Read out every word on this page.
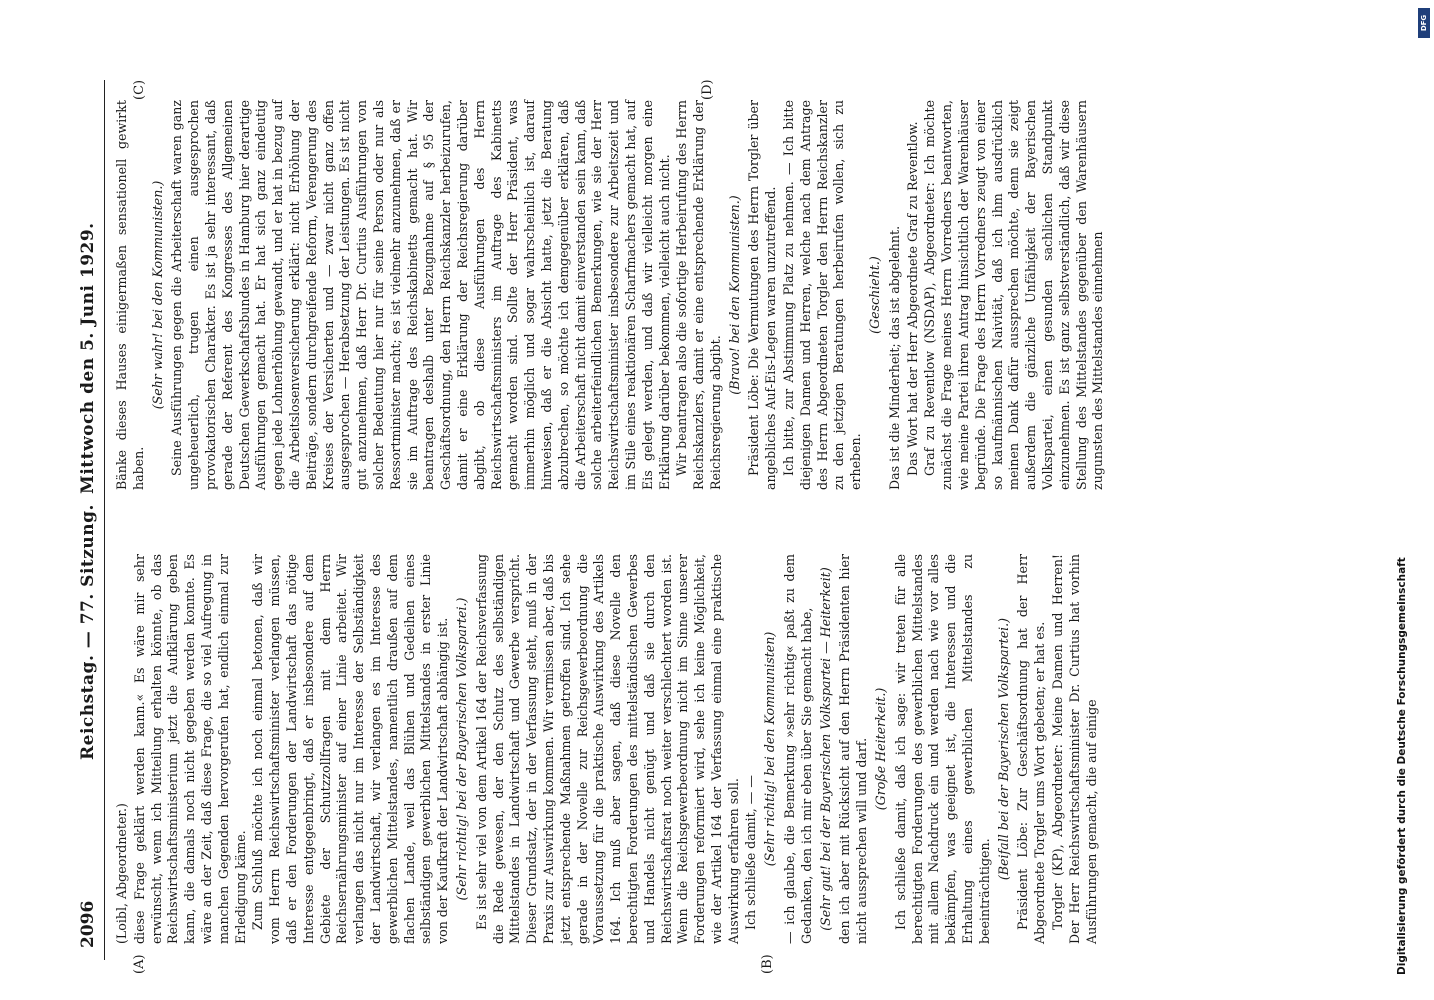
2096
Reichstag. — 77. Sitzung.
Mittwoch den 5. Juni 1929.
(A)	(B)
(C)	(D)

(Loibl, Abgeordneter.) diese Frage geklärt werden kann.« Es wäre mir sehr erwünscht, wenn ich Mitteilung erhalten könnte, ob das Reichswirtschaftsministerium jetzt die Aufklärung geben kann, die damals noch nicht gegeben werden konnte. Es wäre an der Zeit, daß diese Frage, die so viel Aufregung in manchen Gegenden hervorgerufen hat, endlich einmal zur Erledigung käme. Zum Schluß möchte ich noch einmal betonen, daß wir vom Herrn Reichswirtschaftsminister verlangen müssen, daß er den Forderungen der Landwirtschaft das nötige Interesse entgegenbringt, daß er insbesondere auf dem Gebiete der Schutzzollfragen mit dem Herrn Reichsernährungsminister auf einer Linie arbeitet. Wir verlangen das nicht nur im Interesse der Selbständigkeit der Landwirtschaft, wir verlangen es im Interesse des gewerblichen Mittelstandes, namentlich draußen auf dem flachen Lande, weil das Blühen und Gedeihen eines selbständigen gewerblichen Mittelstandes in erster Linie von der Kaufkraft der Landwirtschaft abhängig ist. (Sehr richtig! bei der Bayerischen Volkspartei.) Es ist sehr viel von dem Artikel 164 der Reichsverfassung die Rede gewesen, der den Schutz des selbständigen Mittelstandes in Landwirtschaft und Gewerbe verspricht. Dieser Grundsatz, der in der Verfassung steht, muß in der Praxis zur Auswirkung kommen. Wir vermissen aber, daß bis jetzt entsprechende Maßnahmen getroffen sind. Ich sehe gerade in der Novelle zur Reichsgewerbeordnung die Voraussetzung für die praktische Auswirkung des Artikels 164. Ich muß aber sagen, daß diese Novelle den berechtigten Forderungen des mittelständischen Gewerbes und Handels nicht genügt und daß sie durch den Reichswirtschaftsrat noch weiter verschlechtert worden ist. Wenn die Reichsgewerbeordnung nicht im Sinne unserer Forderungen reformiert wird, sehe ich keine Möglichkeit, wie der Artikel 164 der Verfassung einmal eine praktische Auswirkung erfahren soll. Ich schließe damit, — — (Sehr richtig! bei den Kommunisten) — ich glaube, die Bemerkung »sehr richtig« paßt zu dem Gedanken, den ich mir eben über Sie gemacht habe, (Sehr gut! bei der Bayerischen Volkspartei — Heiterkeit) den ich aber mit Rücksicht auf den Herrn Präsidenten hier nicht aussprechen will und darf. (Große Heiterkeit.) Ich schließe damit, daß ich sage: wir treten für alle berechtigten Forderungen des gewerblichen Mittelstandes mit allem Nachdruck ein und werden nach wie vor alles bekämpfen, was geeignet ist, die Interessen und die Erhaltung eines gewerblichen Mittelstandes zu beeinträchtigen.

(Beifall bei der Bayerischen Volkspartei.) Präsident Löbe: Zur Geschäftsordnung hat der Herr Abgeordnete Torgler ums Wort gebeten; er hat es. Torgler (KP), Abgeordneter: Meine Damen und Herren! Der Herr Reichswirtschaftsminister Dr. Curtius hat vorhin Ausführungen gemacht, die auf einige

Bänke dieses Hauses einigermaßen sensationell gewirkt haben.

(Sehr wahr! bei den Kommunisten.) Seine Ausführungen gegen die Arbeiterschaft waren ganz ungeheuerlich, trugen einen ausgesprochen provokatorischen Charakter. Es ist ja sehr interessant, daß gerade der Referent des Kongresses des Allgemeinen Deutschen Gewerkschaftsbundes in Hamburg hier derartige Ausführungen gemacht hat. Er hat sich ganz eindeutig gegen jede Lohnerhöhung gewandt, und er hat in bezug auf die Arbeitslosenversicherung erklärt: nicht Erhöhung der Beiträge, sondern durchgreifende Reform, Verengerung des Kreises der Versicherten und — zwar nicht ganz offen ausgesprochen — Herabsetzung der Leistungen. Es ist nicht gut anzunehmen, daß Herr Dr. Curtius Ausführungen von solcher Bedeutung hier nur für seine Person oder nur als Ressortminister macht; es ist vielmehr anzunehmen, daß er sie im Auftrage des Reichskabinetts gemacht hat. Wir beantragen deshalb unter Bezugnahme auf § 95 der Geschäftsordnung, den Herrn Reichskanzler herbeizurufen, damit er eine Erklärung der Reichsregierung darüber abgibt, ob diese Ausführungen des Herrn Reichswirtschaftsministers im Auftrage des Kabinetts gemacht worden sind. Sollte der Herr Präsident, was immerhin möglich und sogar wahrscheinlich ist, darauf hinweisen, daß er die Absicht hatte, jetzt die Beratung abzubrechen, so möchte ich demgegenüber erklären, daß die Arbeiterschaft nicht damit einverstanden sein kann, daß solche arbeiterfeindlichen Bemerkungen, wie sie der Herr Reichswirtschaftsminister insbesondere zur Arbeitszeit und im Stile eines reaktionären Scharfmachers gemacht hat, auf Eis gelegt werden, und daß wir vielleicht morgen eine Erklärung darüber bekommen, vielleicht auch nicht. Wir beantragen also die sofortige Herbeirufung des Herrn Reichskanzlers, damit er eine entsprechende Erklärung der Reichsregierung abgibt.

(Bravo! bei den Kommunisten.) Präsident Löbe: Die Vermutungen des Herrn Torgler über angebliches Auf-Eis-Legen waren unzutreffend. Ich bitte, zur Abstimmung Platz zu nehmen. — Ich bitte diejenigen Damen und Herren, welche nach dem Antrage des Herrn Abgeordneten Torgler den Herrn Reichskanzler zu den jetzigen Beratungen herbeirufen wollen, sich zu erheben.

(Geschieht.) Das ist die Minderheit; das ist abgelehnt. Das Wort hat der Herr Abgeordnete Graf zu Reventlow. Graf zu Reventlow (NSDAP), Abgeordneter: Ich möchte zunächst die Frage meines Herrn Vorredners beantworten, wie meine Partei ihren Antrag hinsichtlich der Warenhäuser begründe. Die Frage des Herrn Vorredners zeugt von einer so kaufmännischen Naivität, daß ich ihm ausdrücklich meinen Dank dafür aussprechen möchte, denn sie zeigt außerdem die gänzliche Unfähigkeit der Bayerischen Volkspartei, einen gesunden sachlichen Standpunkt einzunehmen. Es ist ganz selbstverständlich, daß wir diese Stellung des Mittelstandes gegenüber den Warenhäusern zugunsten des Mittelstandes einnehmen

Digitalisierung gefördert durch die Deutsche Forschungsgemeinschaft
DFG
